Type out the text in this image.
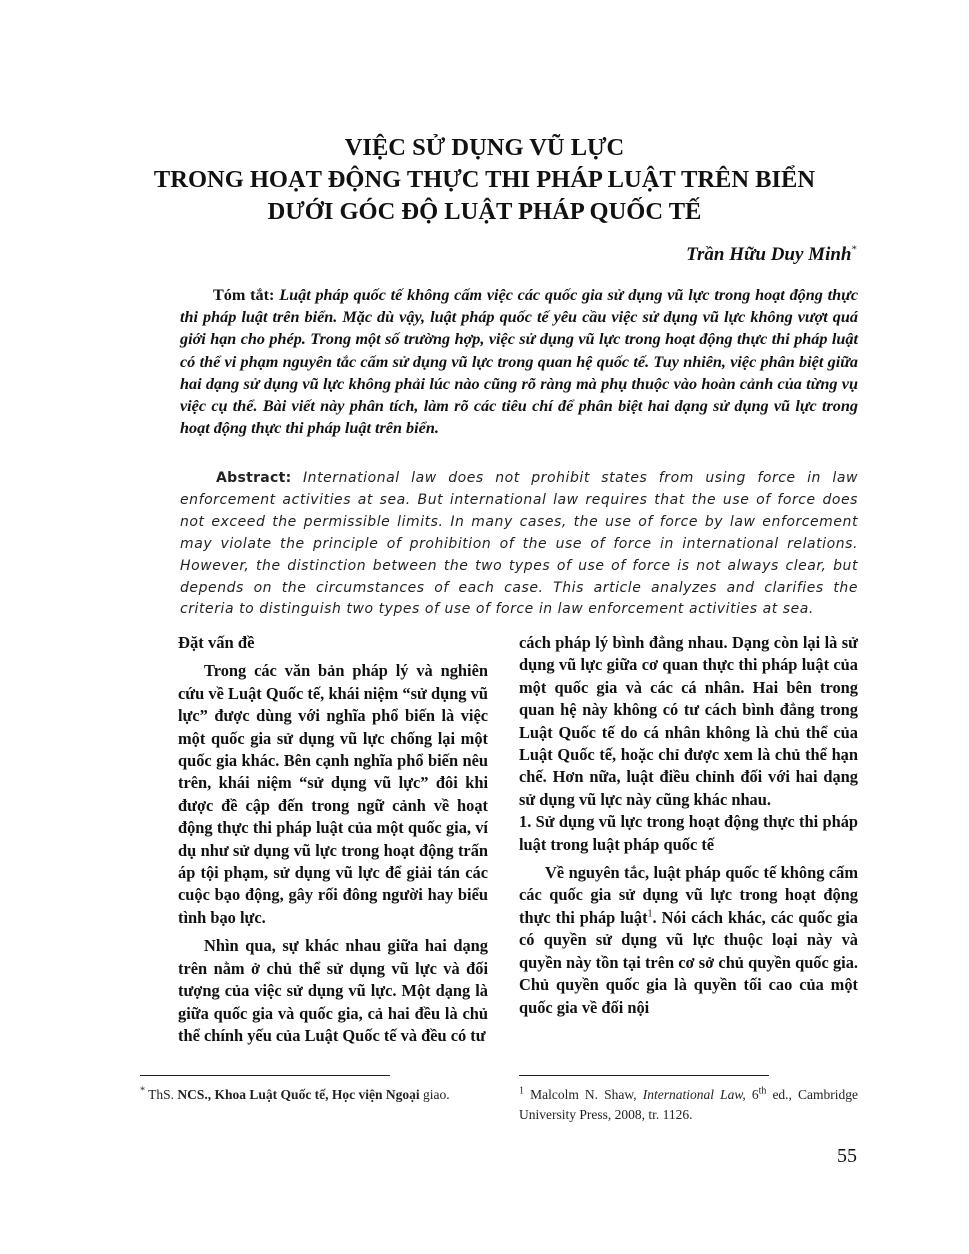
VIỆC SỬ DỤNG VŨ LỰC
TRONG HOẠT ĐỘNG THỰC THI PHÁP LUẬT TRÊN BIỂN
DƯỚI GÓC ĐỘ LUẬT PHÁP QUỐC TẾ
Trần Hữu Duy Minh*
Tóm tắt: Luật pháp quốc tế không cấm việc các quốc gia sử dụng vũ lực trong hoạt động thực thi pháp luật trên biển. Mặc dù vậy, luật pháp quốc tế yêu cầu việc sử dụng vũ lực không vượt quá giới hạn cho phép. Trong một số trường hợp, việc sử dụng vũ lực trong hoạt động thực thi pháp luật có thể vi phạm nguyên tắc cấm sử dụng vũ lực trong quan hệ quốc tế. Tuy nhiên, việc phân biệt giữa hai dạng sử dụng vũ lực không phải lúc nào cũng rõ ràng mà phụ thuộc vào hoàn cảnh của từng vụ việc cụ thể. Bài viết này phân tích, làm rõ các tiêu chí để phân biệt hai dạng sử dụng vũ lực trong hoạt động thực thi pháp luật trên biển.
Abstract: International law does not prohibit states from using force in law enforcement activities at sea. But international law requires that the use of force does not exceed the permissible limits. In many cases, the use of force by law enforcement may violate the principle of prohibition of the use of force in international relations. However, the distinction between the two types of use of force is not always clear, but depends on the circumstances of each case. This article analyzes and clarifies the criteria to distinguish two types of use of force in law enforcement activities at sea.
Đặt vấn đề

Trong các văn bản pháp lý và nghiên cứu về Luật Quốc tế, khái niệm “sử dụng vũ lực” được dùng với nghĩa phổ biến là việc một quốc gia sử dụng vũ lực chống lại một quốc gia khác. Bên cạnh nghĩa phổ biến nêu trên, khái niệm “sử dụng vũ lực” đôi khi được đề cập đến trong ngữ cảnh về hoạt động thực thi pháp luật của một quốc gia, ví dụ như sử dụng vũ lực trong hoạt động trấn áp tội phạm, sử dụng vũ lực để giải tán các cuộc bạo động, gây rối đông người hay biểu tình bạo lực.

Nhìn qua, sự khác nhau giữa hai dạng trên nằm ở chủ thể sử dụng vũ lực và đối tượng của việc sử dụng vũ lực. Một dạng là giữa quốc gia và quốc gia, cả hai đều là chủ thể chính yếu của Luật Quốc tế và đều có tư

cách pháp lý bình đẳng nhau. Dạng còn lại là sử dụng vũ lực giữa cơ quan thực thi pháp luật của một quốc gia và các cá nhân. Hai bên trong quan hệ này không có tư cách bình đẳng trong Luật Quốc tế do cá nhân không là chủ thể của Luật Quốc tế, hoặc chỉ được xem là chủ thể hạn chế. Hơn nữa, luật điều chỉnh đối với hai dạng sử dụng vũ lực này cũng khác nhau.

1. Sử dụng vũ lực trong hoạt động thực thi pháp luật trong luật pháp quốc tế

Về nguyên tắc, luật pháp quốc tế không cấm các quốc gia sử dụng vũ lực trong hoạt động thực thi pháp luật$^1$. Nói cách khác, các quốc gia có quyền sử dụng vũ lực thuộc loại này và quyền này tồn tại trên cơ sở chủ quyền quốc gia. Chủ quyền quốc gia là quyền tối cao của một quốc gia về đối nội

* ThS. NCS., Khoa Luật Quốc tế, Học viện Ngoại giao.	$^1$ Malcolm N. Shaw, International Law, 6th ed., Cambridge University Press, 2008, tr. 1126.
55
